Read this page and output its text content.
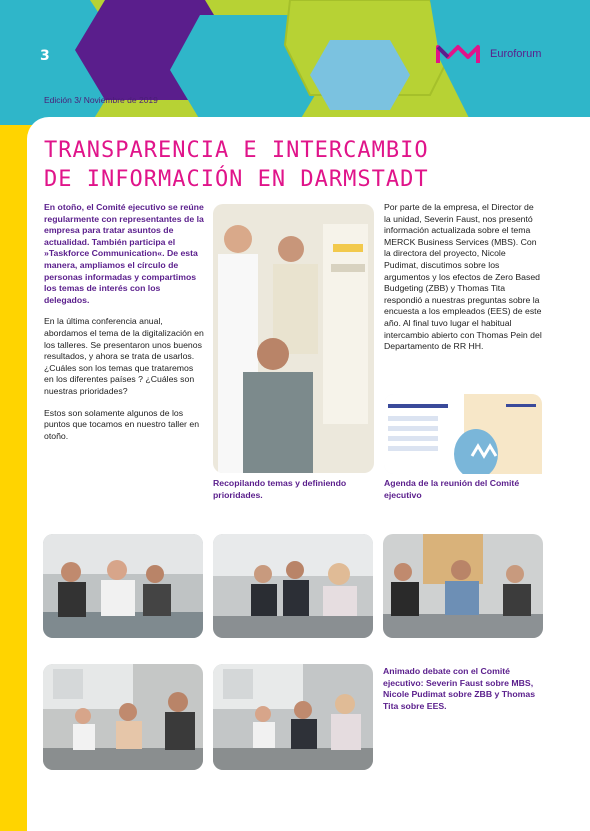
3	Euroforum
Edición 3/ Noviembre de 2019
TRANSPARENCIA E INTERCAMBIO
DE INFORMACIÓN EN DARMSTADT

En otoño, el Comité ejecutivo se reúne regularmente con representantes de la empresa para tratar asuntos de actualidad. También participa el »Taskforce Communication«. De esta manera, ampliamos el círculo de personas informadas y compartimos los temas de interés con los delegados.

En la última conferencia anual, abordamos el tema de la digitalización en los talleres. Se presentaron unos buenos resultados, y ahora se trata de usarlos. ¿Cuáles son los temas que trataremos en los diferentes países ? ¿Cuáles son nuestras prioridades?

Estos son solamente algunos de los puntos que tocamos en nuestro taller en otoño.

Por parte de la empresa, el Director de la unidad, Severin Faust, nos presentó información actualizada sobre el tema MERCK Business Services (MBS). Con la directora del proyecto, Nicole Pudimat, discutimos sobre los argumentos y los efectos de Zero Based Budgeting (ZBB) y Thomas Tita respondió a nuestras preguntas sobre la encuesta a los empleados (EES) de este año. Al final tuvo lugar el habitual intercambio abierto con Thomas Pein del Departamento de RR HH.

Recopilando temas y definiendo prioridades.
Agenda de la reunión del Comité ejecutivo
Animado debate con el Comité ejecutivo: Severin Faust sobre MBS, Nicole Pudimat sobre ZBB y Thomas Tita sobre EES.
